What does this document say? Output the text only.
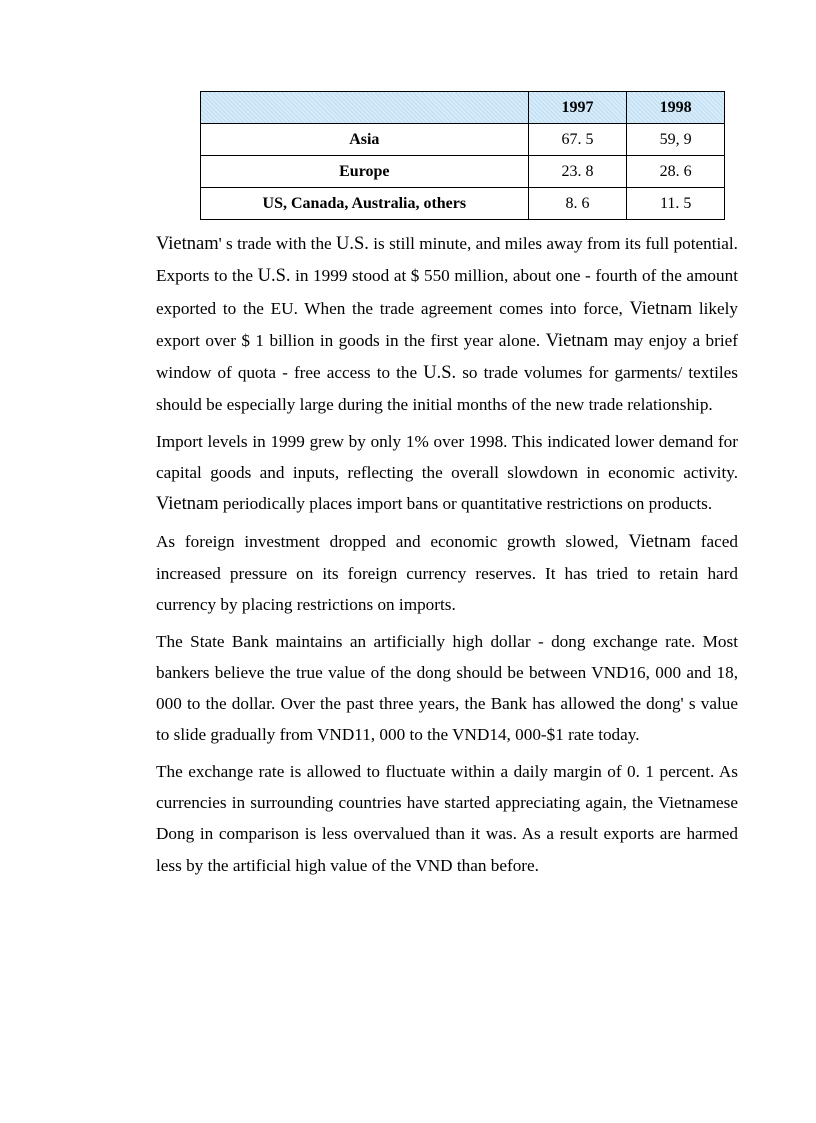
	1997	1998
Asia	67. 5	59, 9
Europe	23. 8	28. 6
US, Canada, Australia, others	8. 6	11. 5

Vietnam' s trade with the U.S. is still minute, and miles away from its full potential. Exports to the U.S. in 1999 stood at $ 550 million, about one - fourth of the amount exported to the EU. When the trade agreement comes into force, Vietnam likely export over $ 1 billion in goods in the first year alone. Vietnam may enjoy a brief window of quota - free access to the U.S. so trade volumes for garments/ textiles should be especially large during the initial months of the new trade relationship.

Import levels in 1999 grew by only 1% over 1998. This indicated lower demand for capital goods and inputs, reflecting the overall slowdown in economic activity. Vietnam periodically places import bans or quantitative restrictions on products.

As foreign investment dropped and economic growth slowed, Vietnam faced increased pressure on its foreign currency reserves. It has tried to retain hard currency by placing restrictions on imports.

The State Bank maintains an artificially high dollar - dong exchange rate. Most bankers believe the true value of the dong should be between VND16, 000 and 18, 000 to the dollar. Over the past three years, the Bank has allowed the dong' s value to slide gradually from VND11, 000 to the VND14, 000-$1 rate today.

The exchange rate is allowed to fluctuate within a daily margin of 0. 1 percent. As currencies in surrounding countries have started appreciating again, the Vietnamese Dong in comparison is less overvalued than it was. As a result exports are harmed less by the artificial high value of the VND than before.
